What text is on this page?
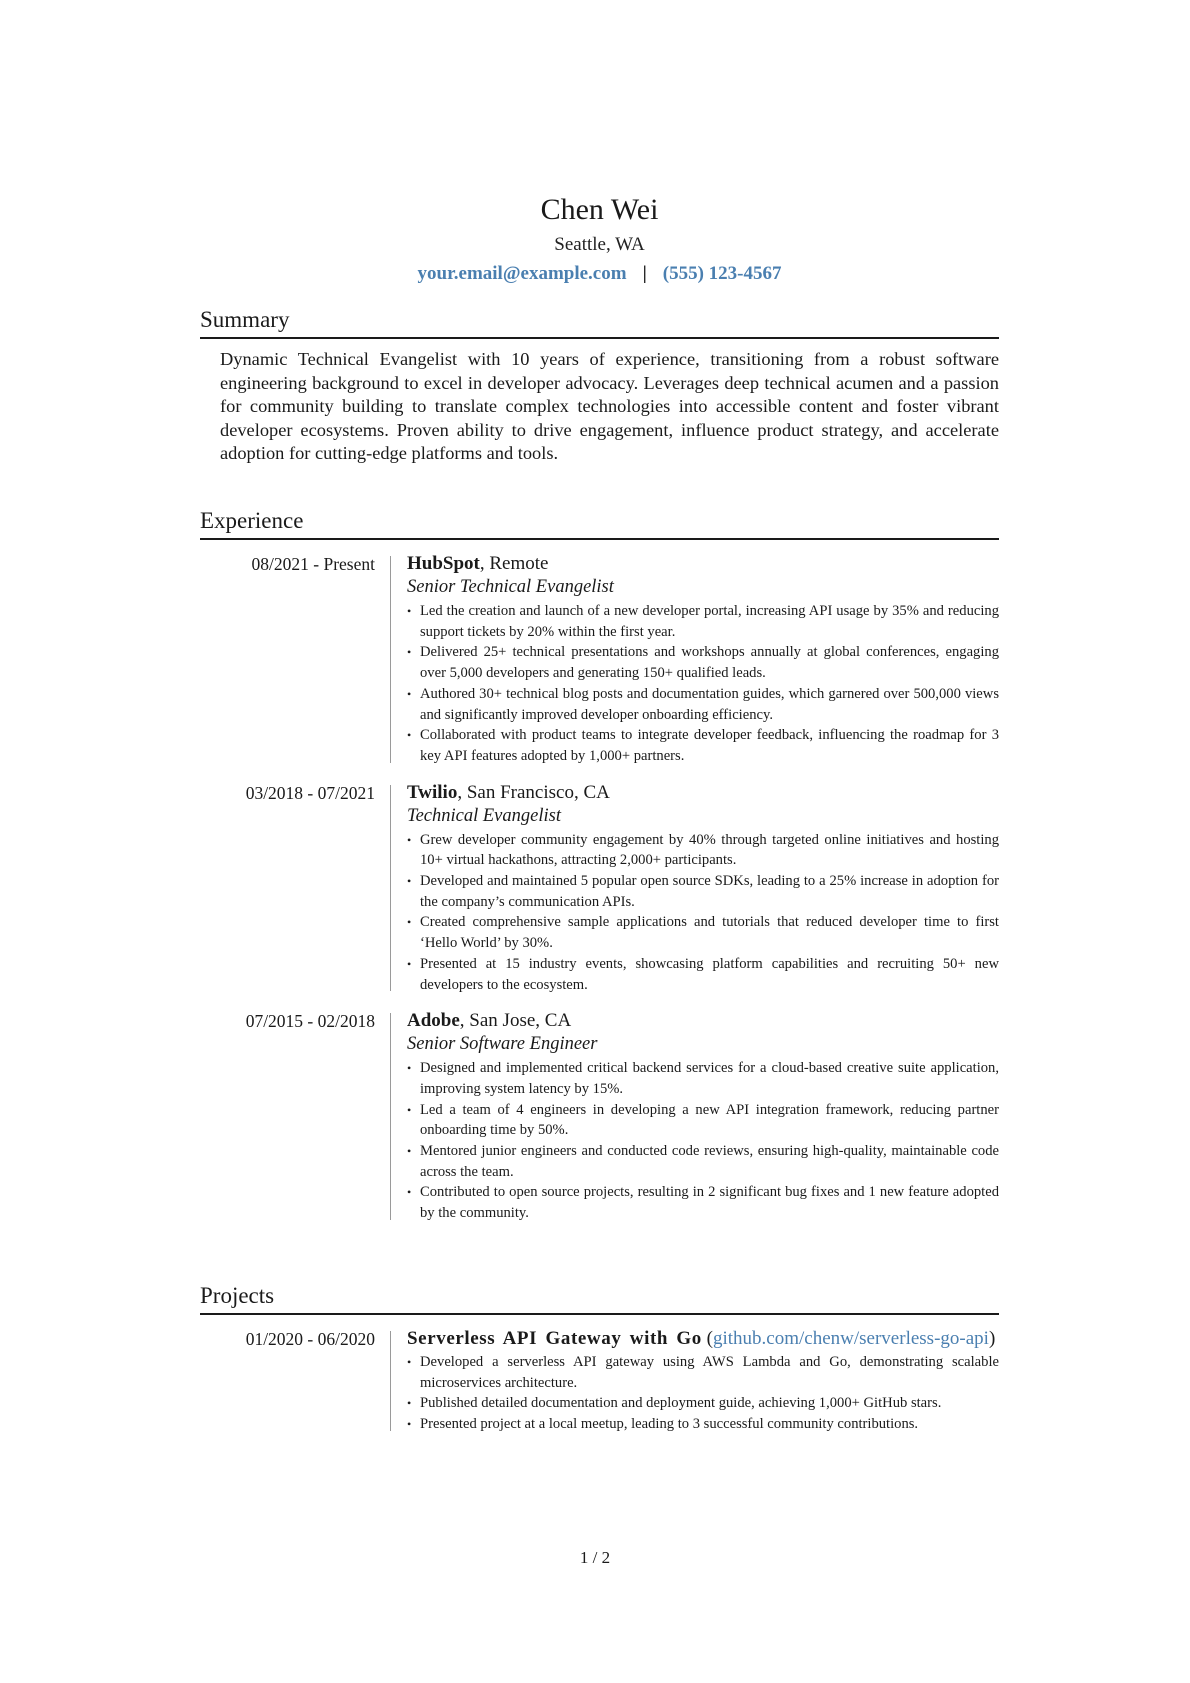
Chen Wei
Seattle, WA
your.email@example.com | (555) 123-4567
Summary
Dynamic Technical Evangelist with 10 years of experience, transitioning from a robust software engineering background to excel in developer advocacy. Leverages deep technical acumen and a passion for community building to translate complex technologies into accessible content and foster vibrant developer ecosystems. Proven ability to drive engagement, influence product strategy, and accelerate adoption for cutting-edge platforms and tools.
Experience
08/2021 - Present	HubSpot, Remote
Senior Technical Evangelist
• Led the creation and launch of a new developer portal, increasing API usage by 35% and reducing support tickets by 20% within the first year.
• Delivered 25+ technical presentations and workshops annually at global conferences, engaging over 5,000 developers and generating 150+ qualified leads.
• Authored 30+ technical blog posts and documentation guides, which garnered over 500,000 views and significantly improved developer onboarding efficiency.
• Collaborated with product teams to integrate developer feedback, influencing the roadmap for 3 key API features adopted by 1,000+ partners.
03/2018 - 07/2021	Twilio, San Francisco, CA
Technical Evangelist
• Grew developer community engagement by 40% through targeted online initiatives and hosting 10+ virtual hackathons, attracting 2,000+ participants.
• Developed and maintained 5 popular open source SDKs, leading to a 25% increase in adoption for the company’s communication APIs.
• Created comprehensive sample applications and tutorials that reduced developer time to first ‘Hello World’ by 30%.
• Presented at 15 industry events, showcasing platform capabilities and recruiting 50+ new developers to the ecosystem.
07/2015 - 02/2018	Adobe, San Jose, CA
Senior Software Engineer
• Designed and implemented critical backend services for a cloud-based creative suite application, improving system latency by 15%.
• Led a team of 4 engineers in developing a new API integration framework, reducing partner onboarding time by 50%.
• Mentored junior engineers and conducted code reviews, ensuring high-quality, maintainable code across the team.
• Contributed to open source projects, resulting in 2 significant bug fixes and 1 new feature adopted by the community.
Projects
01/2020 - 06/2020	Serverless API Gateway with Go (github.com/chenw/serverless-go-api)
• Developed a serverless API gateway using AWS Lambda and Go, demonstrating scalable microservices architecture.
• Published detailed documentation and deployment guide, achieving 1,000+ GitHub stars.
• Presented project at a local meetup, leading to 3 successful community contributions.
1 / 2
